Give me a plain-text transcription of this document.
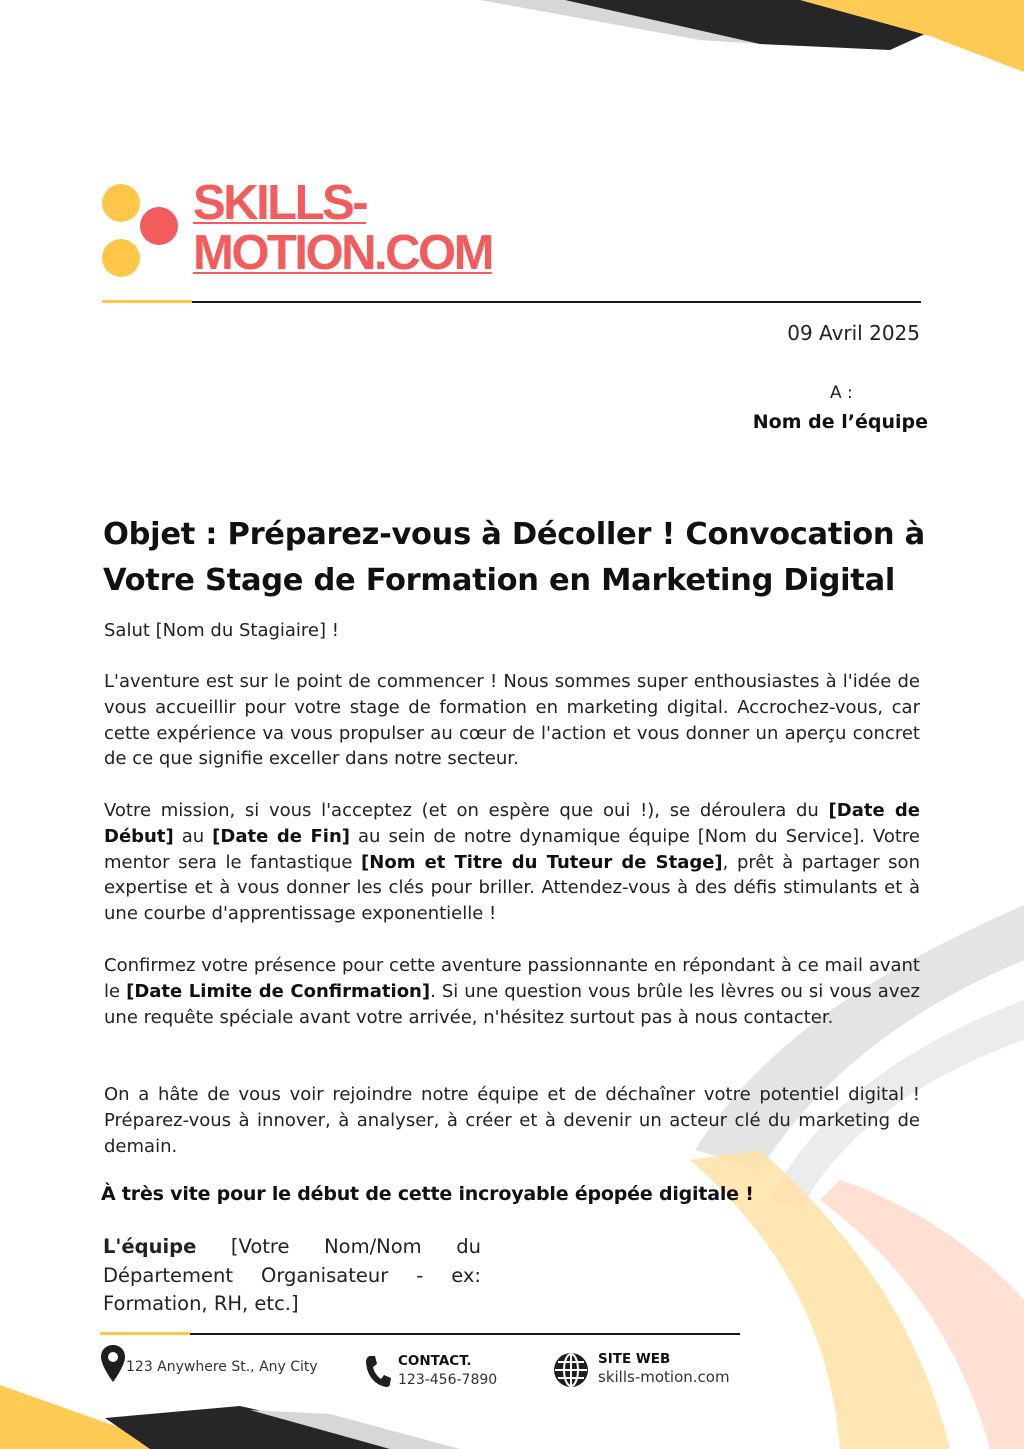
SKILLS-
MOTION.COM
09 Avril 2025
A :
Nom de l’équipe
Objet : Préparez-vous à Décoller ! Convocation à
Votre Stage de Formation en Marketing Digital
Salut [Nom du Stagiaire] !
L'aventure est sur le point de commencer ! Nous sommes super enthousiastes à l'idée de vous accueillir pour votre stage de formation en marketing digital. Accrochez-vous, car cette expérience va vous propulser au cœur de l'action et vous donner un aperçu concret de ce que signifie exceller dans notre secteur.
Votre mission, si vous l'acceptez (et on espère que oui !), se déroulera du [Date de Début] au [Date de Fin] au sein de notre dynamique équipe [Nom du Service]. Votre mentor sera le fantastique [Nom et Titre du Tuteur de Stage], prêt à partager son expertise et à vous donner les clés pour briller. Attendez-vous à des défis stimulants et à une courbe d'apprentissage exponentielle !
Confirmez votre présence pour cette aventure passionnante en répondant à ce mail avant le [Date Limite de Confirmation]. Si une question vous brûle les lèvres ou si vous avez une requête spéciale avant votre arrivée, n'hésitez surtout pas à nous contacter.
On a hâte de vous voir rejoindre notre équipe et de déchaîner votre potentiel digital ! Préparez-vous à innover, à analyser, à créer et à devenir un acteur clé du marketing de demain.
À très vite pour le début de cette incroyable épopée digitale !
L'équipe [Votre Nom/Nom du Département Organisateur - ex: Formation, RH, etc.]
123 Anywhere St., Any City	CONTACT.
123-456-7890
SITE WEB
skills-motion.com
